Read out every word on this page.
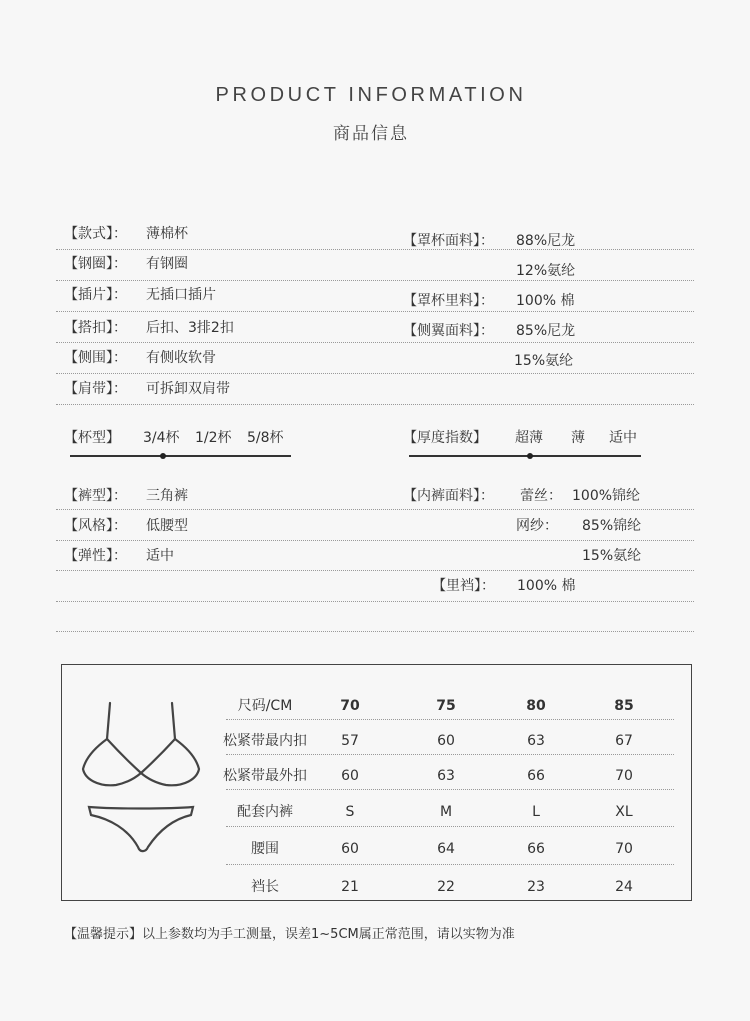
PRODUCT INFORMATION
商品信息
【款式】： 薄棉杯
【钢圈】： 有钢圈
【插片】： 无插口插片
【搭扣】： 后扣、3排2扣
【侧围】： 有侧收软骨
【肩带】： 可拆卸双肩带
【罩杯面料】： 88%尼龙
12%氨纶
【罩杯里料】： 100% 棉
【侧翼面料】： 85%尼龙
15%氨纶
【杯型】 3/4杯 1/2杯 5/8杯	【厚度指数】 超薄 薄 适中
【裤型】： 三角裤
【风格】： 低腰型
【弹性】： 适中
【内裤面料】： 蕾丝： 100%锦纶
网纱： 85%锦纶
15%氨纶
【里裆】： 100% 棉
尺码/CM	70	75	80	85
松紧带最内扣	57	60	63	67
松紧带最外扣	60	63	66	70
配套内裤	S	M	L	XL
腰围	60	64	66	70
裆长	21	22	23	24
【温馨提示】以上参数均为手工测量，误差1~5CM属正常范围，请以实物为准
